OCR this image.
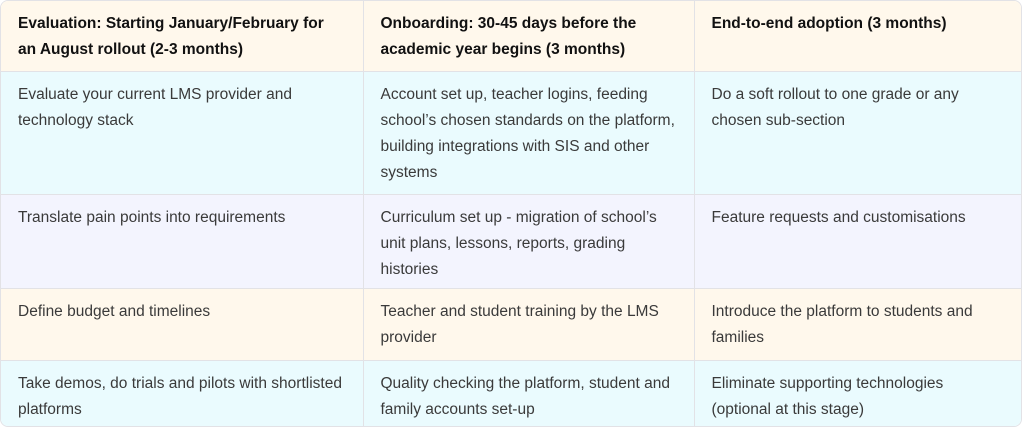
Evaluation: Starting January/February for an August rollout (2-3 months)	Onboarding: 30-45 days before the academic year begins (3 months)	End-to-end adoption (3 months)
Evaluate your current LMS provider and technology stack	Account set up, teacher logins, feeding school’s chosen standards on the platform, building integrations with SIS and other systems	Do a soft rollout to one grade or any chosen sub-section
Translate pain points into requirements	Curriculum set up - migration of school’s unit plans, lessons, reports, grading histories	Feature requests and customisations
Define budget and timelines	Teacher and student training by the LMS provider	Introduce the platform to students and families
Take demos, do trials and pilots with shortlisted platforms	Quality checking the platform, student and family accounts set-up	Eliminate supporting technologies (optional at this stage)
